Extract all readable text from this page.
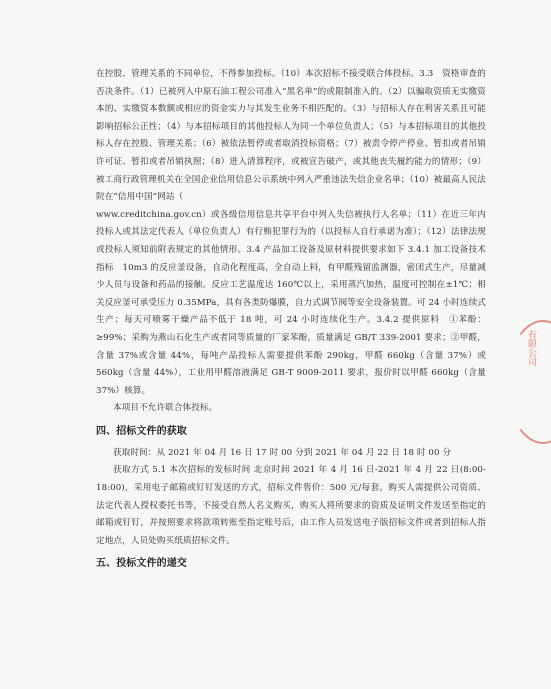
在控股、管理关系的不同单位，不得参加投标。（10）本次招标不接受联合体投标。3.3　资格审查的否决条件。（1）已被列入中原石油工程公司准入“黑名单”的或限制准入的。（2）以骗取资质无实缴资本的、实缴资本数额或相应的资金实力与其发生业务不相匹配的。（3）与招标人存在利害关系且可能影响招标公正性；（4）与本招标项目的其他投标人为同一个单位负责人；（5）与本招标项目的其他投标人存在控股、管理关系；（6）被依法暂停或者取消投标资格；（7）被责令停产停业、暂扣或者吊销许可证、暂扣或者吊销执照；（8）进入清算程序，或被宣告破产，或其他丧失履约能力的情形；（9）被工商行政管理机关在全国企业信用信息公示系统中列入严重违法失信企业名单；（10）被最高人民法院在“信用中国”网站（

www.creditchina.gov.cn）或各级信用信息共享平台中列入失信被执行人名单；（11）在近三年内投标人或其法定代表人（单位负责人）有行贿犯罪行为的（以投标人自行承诺为准）；（12）法律法规或投标人须知前附表规定的其他情形。3.4 产品加工设备及原材料提供要求如下 3.4.1 加工设备技术指标　10m3 的反应釜设备，自动化程度高，全自动上料，有甲醛残留监测器，密闭式生产，尽量减少人员与设备和药品的接触。反应工艺温度达 160℃以上，采用蒸汽加热，温度可控制在±1℃；相关反应釜可承受压力 0.35MPa，具有各类防爆膜，自力式调节阀等安全设备装置。可 24 小时连续式生产；每天可喷雾干燥产品不低于 18 吨，可 24 小时连续化生产。3.4.2 提供原料　①苯酚：≥99%；采购为燕山石化生产或者同等质量的厂家苯酚，质量满足 GB/T 339-2001 要求；②甲醛，含量 37%或含量 44%，每吨产品投标人需要提供苯酚 290kg，甲醛 660kg（含量 37%）或 560kg（含量 44%），工业用甲醛溶液满足 GB-T 9009-2011 要求，报价时以甲醛 660kg（含量 37%）核算。

本项目不允许联合体投标。

四、招标文件的获取

获取时间：从 2021 年 04 月 16 日 17 时 00 分到 2021 年 04 月 22 日 18 时 00 分

获取方式 5.1 本次招标的发标时间 北京时间 2021 年 4 月 16 日-2021 年 4 月 22 日(8:00-18:00)，采用电子邮箱或钉钉发送的方式，招标文件售价：500 元/每套。购买人需提供公司资质、法定代表人授权委托书等，不接受自然人名义购买，购买人将所要求的资质及证明文件发送至指定的邮箱或钉钉，并按照要求将款项转账至指定账号后，由工作人员发送电子版招标文件或者到招标人指定地点，人员处购买纸质招标文件。

五、投标文件的递交
有限公司
